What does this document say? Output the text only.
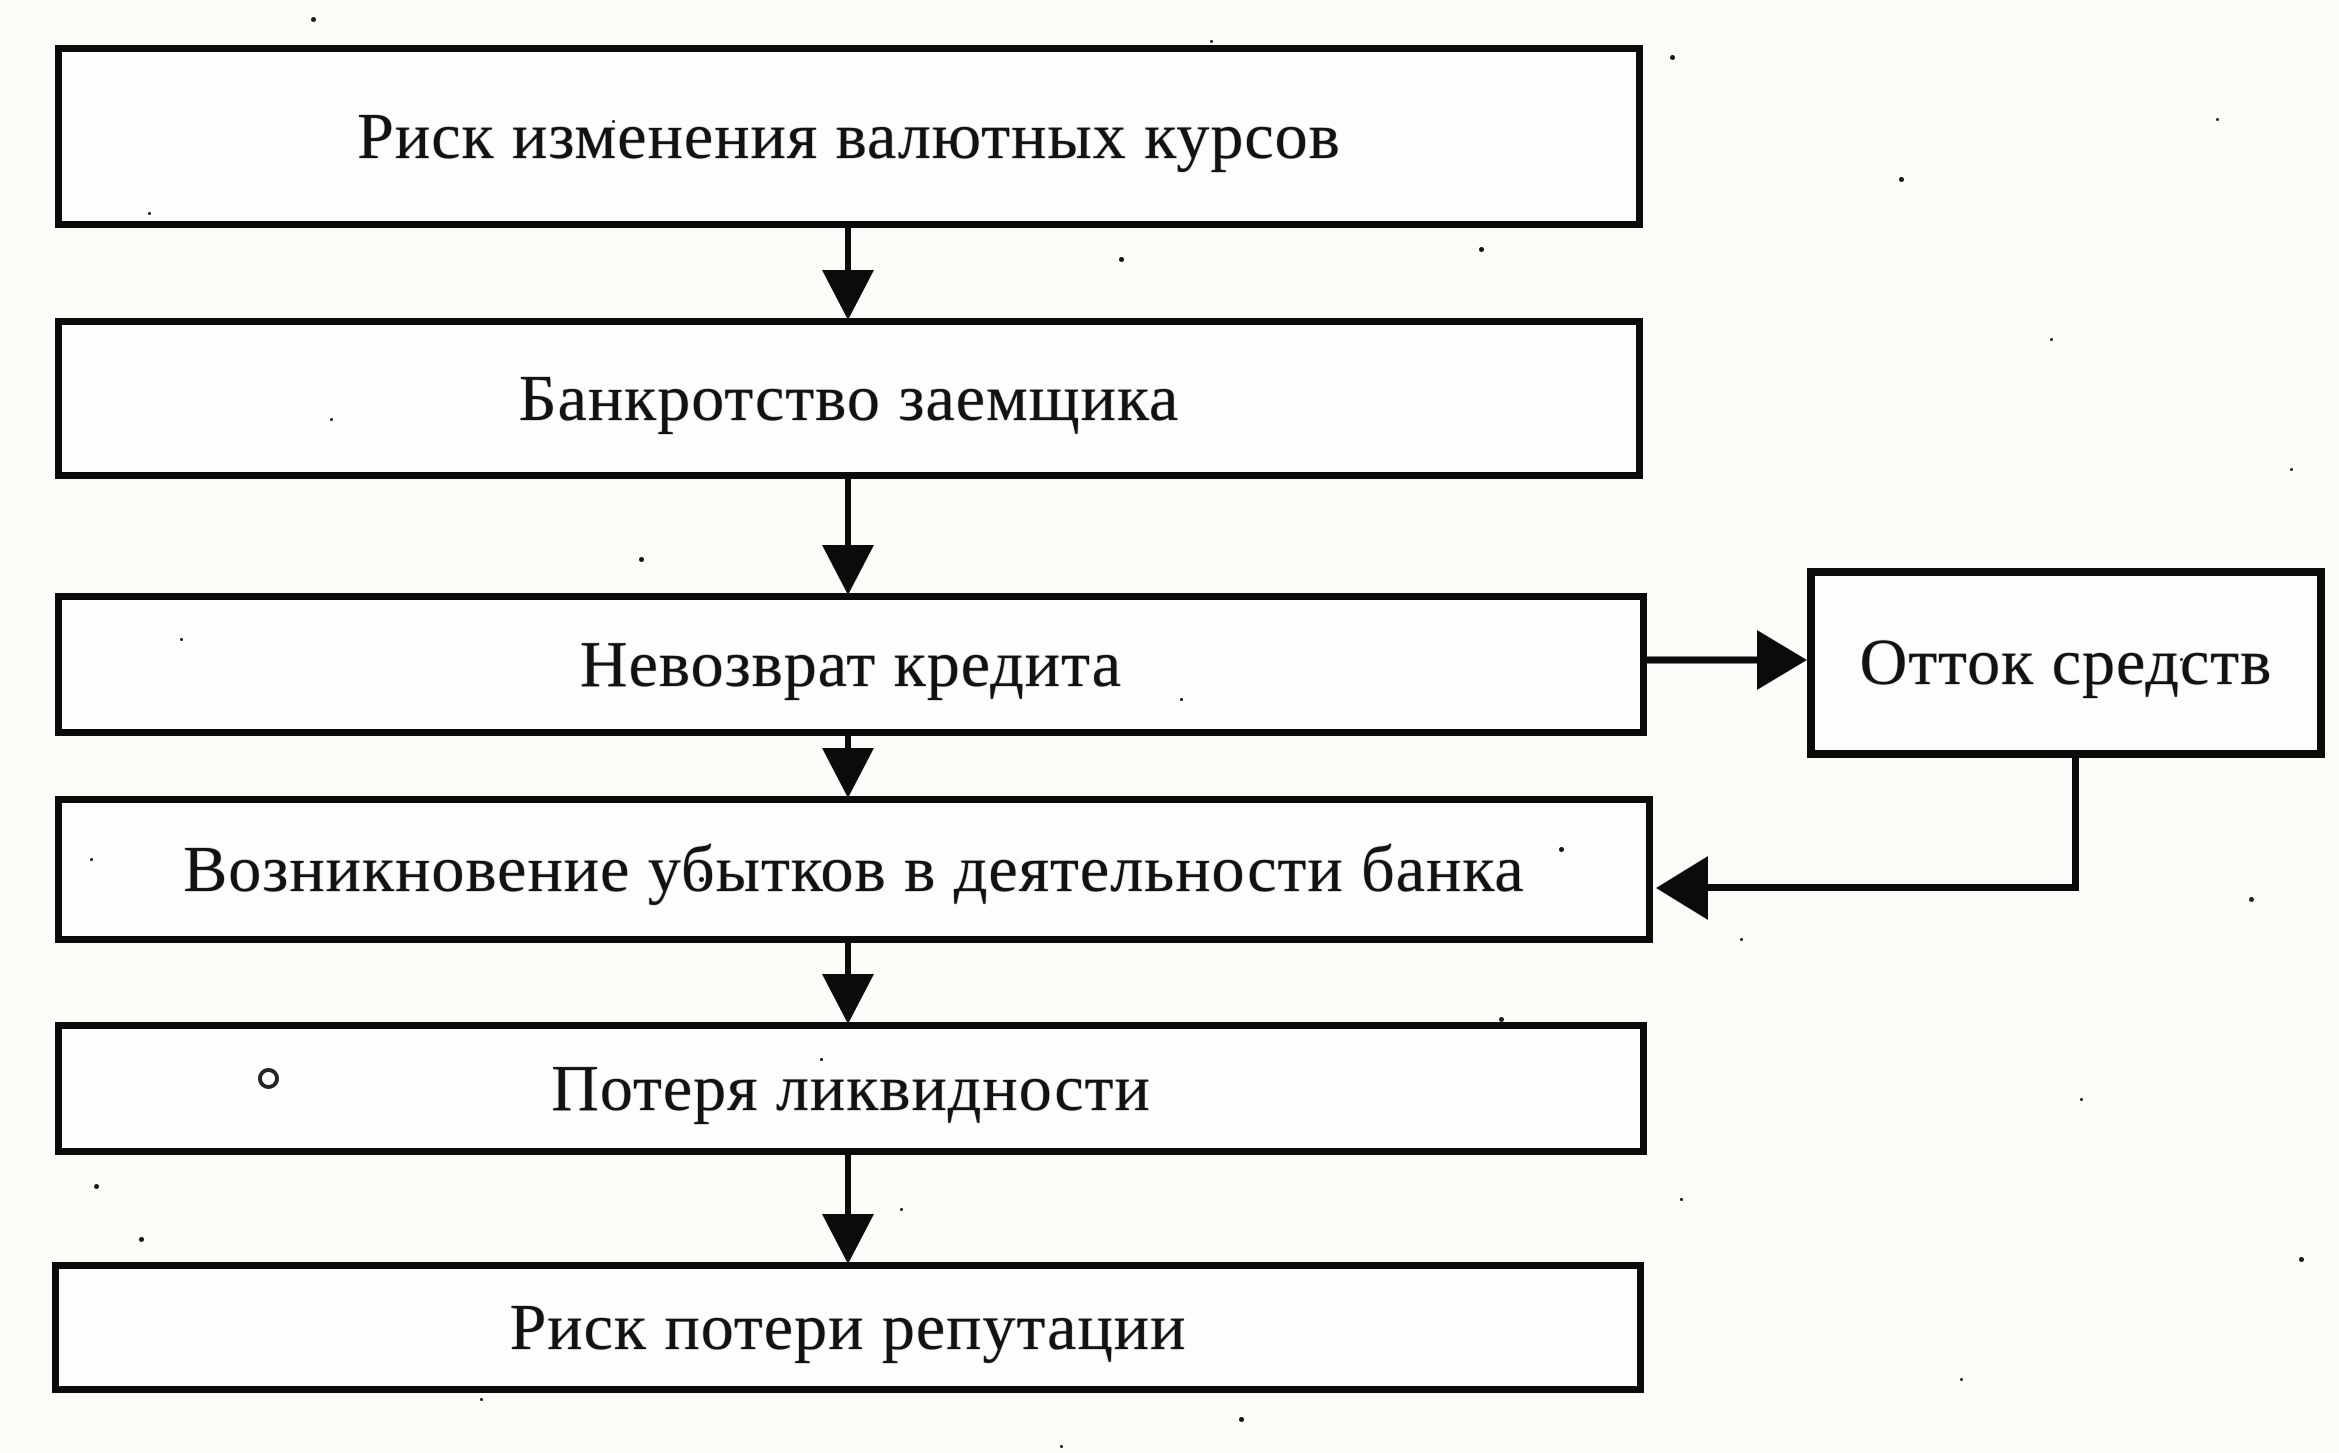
Риск изменения валютных курсов
Банкротство заемщика
Невозврат кредита
Возникновение убытков в деятельности банка
Потеря ликвидности
Риск потери репутации
Отток средств
